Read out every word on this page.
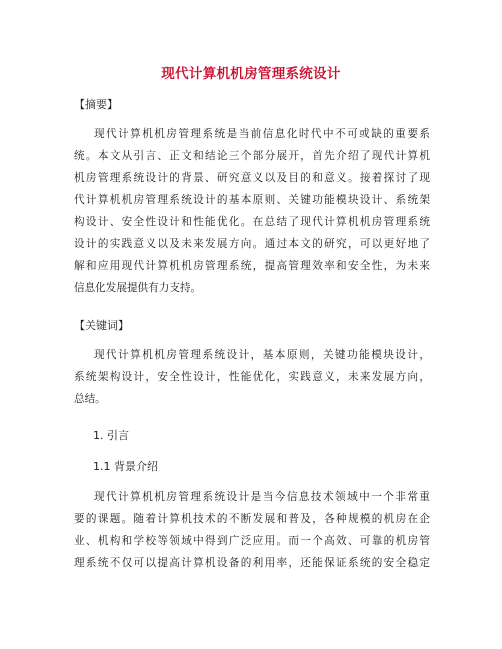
现代计算机机房管理系统设计
【摘要】
现代计算机机房管理系统是当前信息化时代中不可或缺的重要系
统。本文从引言、正文和结论三个部分展开，首先介绍了现代计算机
机房管理系统设计的背景、研究意义以及目的和意义。接着探讨了现
代计算机机房管理系统设计的基本原则、关键功能模块设计、系统架
构设计、安全性设计和性能优化。在总结了现代计算机机房管理系统
设计的实践意义以及未来发展方向。通过本文的研究，可以更好地了
解和应用现代计算机机房管理系统，提高管理效率和安全性，为未来
信息化发展提供有力支持。
【关键词】
现代计算机机房管理系统设计，基本原则，关键功能模块设计，
系统架构设计，安全性设计，性能优化，实践意义，未来发展方向，
总结。
1. 引言
1.1 背景介绍
现代计算机机房管理系统设计是当今信息技术领域中一个非常重
要的课题。随着计算机技术的不断发展和普及，各种规模的机房在企
业、机构和学校等领域中得到广泛应用。而一个高效、可靠的机房管
理系统不仅可以提高计算机设备的利用率，还能保证系统的安全稳定
